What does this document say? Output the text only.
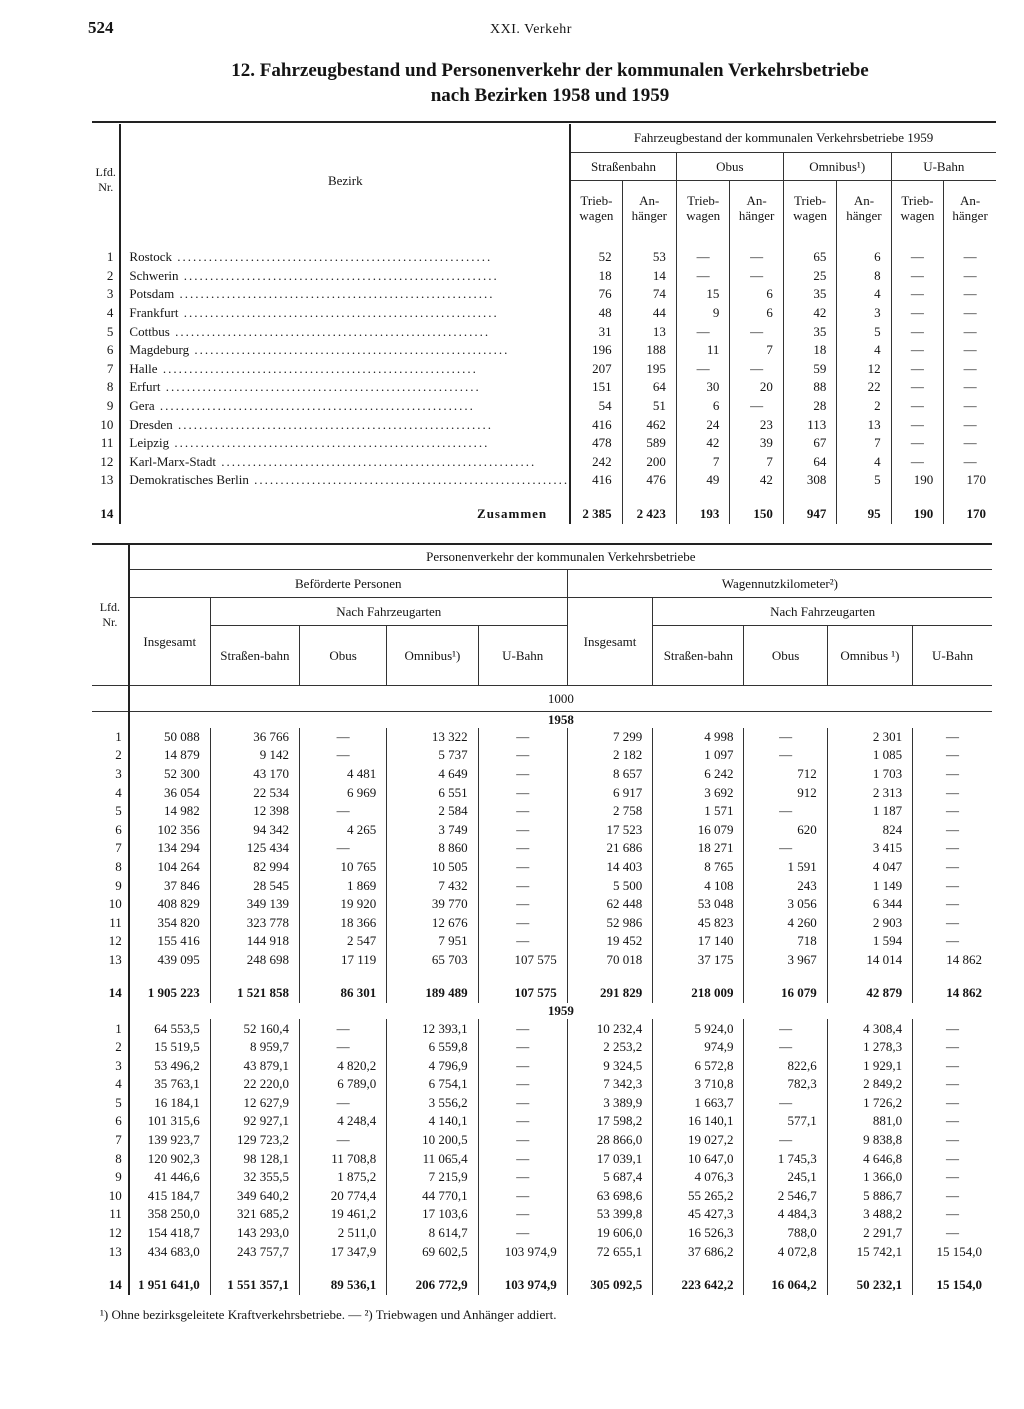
524	XXI. Verkehr
12. Fahrzeugbestand und Personenverkehr der kommunalen Verkehrsbetriebe
nach Bezirken 1958 und 1959
Lfd. Nr.	Bezirk	Fahrzeugbestand der kommunalen Verkehrsbetriebe 1959							
		Straßenbahn		Obus		Omnibus¹)		U-Bahn	
		Trieb-wagen	An-hänger	Trieb-wagen	An-hänger	Trieb-wagen	An-hänger	Trieb-wagen	An-hänger

1	Rostock ............................................................	52	53	—	—	65	6	—	—
2	Schwerin ............................................................	18	14	—	—	25	8	—	—
3	Potsdam ............................................................	76	74	15	6	35	4	—	—
4	Frankfurt ............................................................	48	44	9	6	42	3	—	—
5	Cottbus ............................................................	31	13	—	—	35	5	—	—
6	Magdeburg ............................................................	196	188	11	7	18	4	—	—
7	Halle ............................................................	207	195	—	—	59	12	—	—
8	Erfurt ............................................................	151	64	30	20	88	22	—	—
9	Gera ............................................................	54	51	6	—	28	2	—	—
10	Dresden ............................................................	416	462	24	23	113	13	—	—
11	Leipzig ............................................................	478	589	42	39	67	7	—	—
12	Karl-Marx-Stadt ............................................................	242	200	7	7	64	4	—	—
13	Demokratisches Berlin ............................................................	416	476	49	42	308	5	190	170

14	Zusammen	2 385	2 423	193	150	947	95	190	170
Lfd. Nr.	Personenverkehr der kommunalen Verkehrsbetriebe									
	Beförderte Personen					Wagennutzkilometer²)				
	Insgesamt	Nach Fahrzeugarten				Insgesamt	Nach Fahrzeugarten			
		Straßen-bahn	Obus	Omnibus¹)	U-Bahn		Straßen-bahn	Obus	Omnibus ¹)	U-Bahn
	1000									
	1958									
1	50 088	36 766	—	13 322	—	7 299	4 998	—	2 301	—
2	14 879	9 142	—	5 737	—	2 182	1 097	—	1 085	—
3	52 300	43 170	4 481	4 649	—	8 657	6 242	712	1 703	—
4	36 054	22 534	6 969	6 551	—	6 917	3 692	912	2 313	—
5	14 982	12 398	—	2 584	—	2 758	1 571	—	1 187	—
6	102 356	94 342	4 265	3 749	—	17 523	16 079	620	824	—
7	134 294	125 434	—	8 860	—	21 686	18 271	—	3 415	—
8	104 264	82 994	10 765	10 505	—	14 403	8 765	1 591	4 047	—
9	37 846	28 545	1 869	7 432	—	5 500	4 108	243	1 149	—
10	408 829	349 139	19 920	39 770	—	62 448	53 048	3 056	6 344	—
11	354 820	323 778	18 366	12 676	—	52 986	45 823	4 260	2 903	—
12	155 416	144 918	2 547	7 951	—	19 452	17 140	718	1 594	—
13	439 095	248 698	17 119	65 703	107 575	70 018	37 175	3 967	14 014	14 862

14	1 905 223	1 521 858	86 301	189 489	107 575	291 829	218 009	16 079	42 879	14 862
	1959									
1	64 553,5	52 160,4	—	12 393,1	—	10 232,4	5 924,0	—	4 308,4	—
2	15 519,5	8 959,7	—	6 559,8	—	2 253,2	974,9	—	1 278,3	—
3	53 496,2	43 879,1	4 820,2	4 796,9	—	9 324,5	6 572,8	822,6	1 929,1	—
4	35 763,1	22 220,0	6 789,0	6 754,1	—	7 342,3	3 710,8	782,3	2 849,2	—
5	16 184,1	12 627,9	—	3 556,2	—	3 389,9	1 663,7	—	1 726,2	—
6	101 315,6	92 927,1	4 248,4	4 140,1	—	17 598,2	16 140,1	577,1	881,0	—
7	139 923,7	129 723,2	—	10 200,5	—	28 866,0	19 027,2	—	9 838,8	—
8	120 902,3	98 128,1	11 708,8	11 065,4	—	17 039,1	10 647,0	1 745,3	4 646,8	—
9	41 446,6	32 355,5	1 875,2	7 215,9	—	5 687,4	4 076,3	245,1	1 366,0	—
10	415 184,7	349 640,2	20 774,4	44 770,1	—	63 698,6	55 265,2	2 546,7	5 886,7	—
11	358 250,0	321 685,2	19 461,2	17 103,6	—	53 399,8	45 427,3	4 484,3	3 488,2	—
12	154 418,7	143 293,0	2 511,0	8 614,7	—	19 606,0	16 526,3	788,0	2 291,7	—
13	434 683,0	243 757,7	17 347,9	69 602,5	103 974,9	72 655,1	37 686,2	4 072,8	15 742,1	15 154,0

14	1 951 641,0	1 551 357,1	89 536,1	206 772,9	103 974,9	305 092,5	223 642,2	16 064,2	50 232,1	15 154,0
¹) Ohne bezirksgeleitete Kraftverkehrsbetriebe. — ²) Triebwagen und Anhänger addiert.
